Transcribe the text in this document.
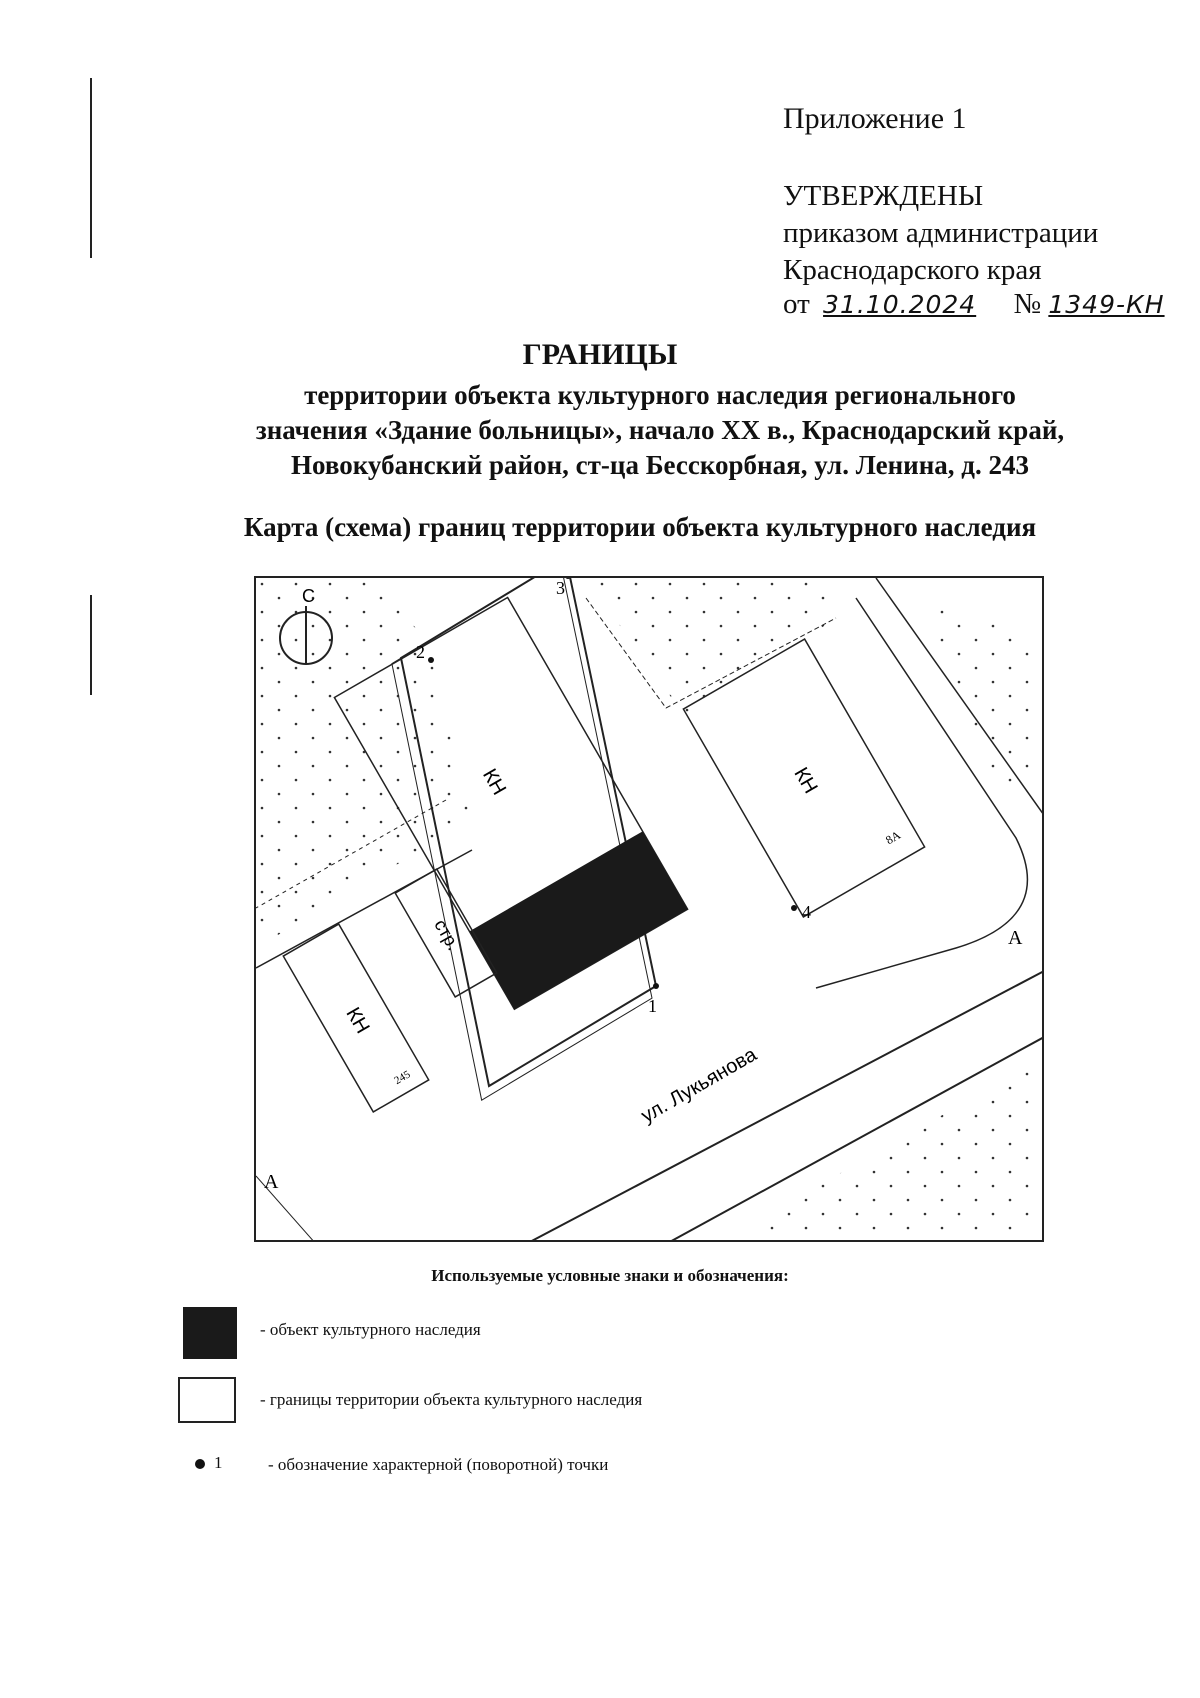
Приложение 1
УТВЕРЖДЕНЫ
приказом администрации
Краснодарского края
от 31.10.2024 № 1349-КН
ГРАНИЦЫ
территории объекта культурного наследия регионального
значения «Здание больницы», начало XX в., Краснодарский край,
Новокубанский район, ст-ца Бесскорбная, ул. Ленина, д. 243
Карта (схема) границ территории объекта культурного наследия
С
КН	КН
8А
КН
245
стр.
ул. Лукьянова
А
А
1
2
3
4
Используемые условные знаки и обозначения:
- объект культурного наследия
- границы территории объекта культурного наследия
1	- обозначение характерной (поворотной) точки
